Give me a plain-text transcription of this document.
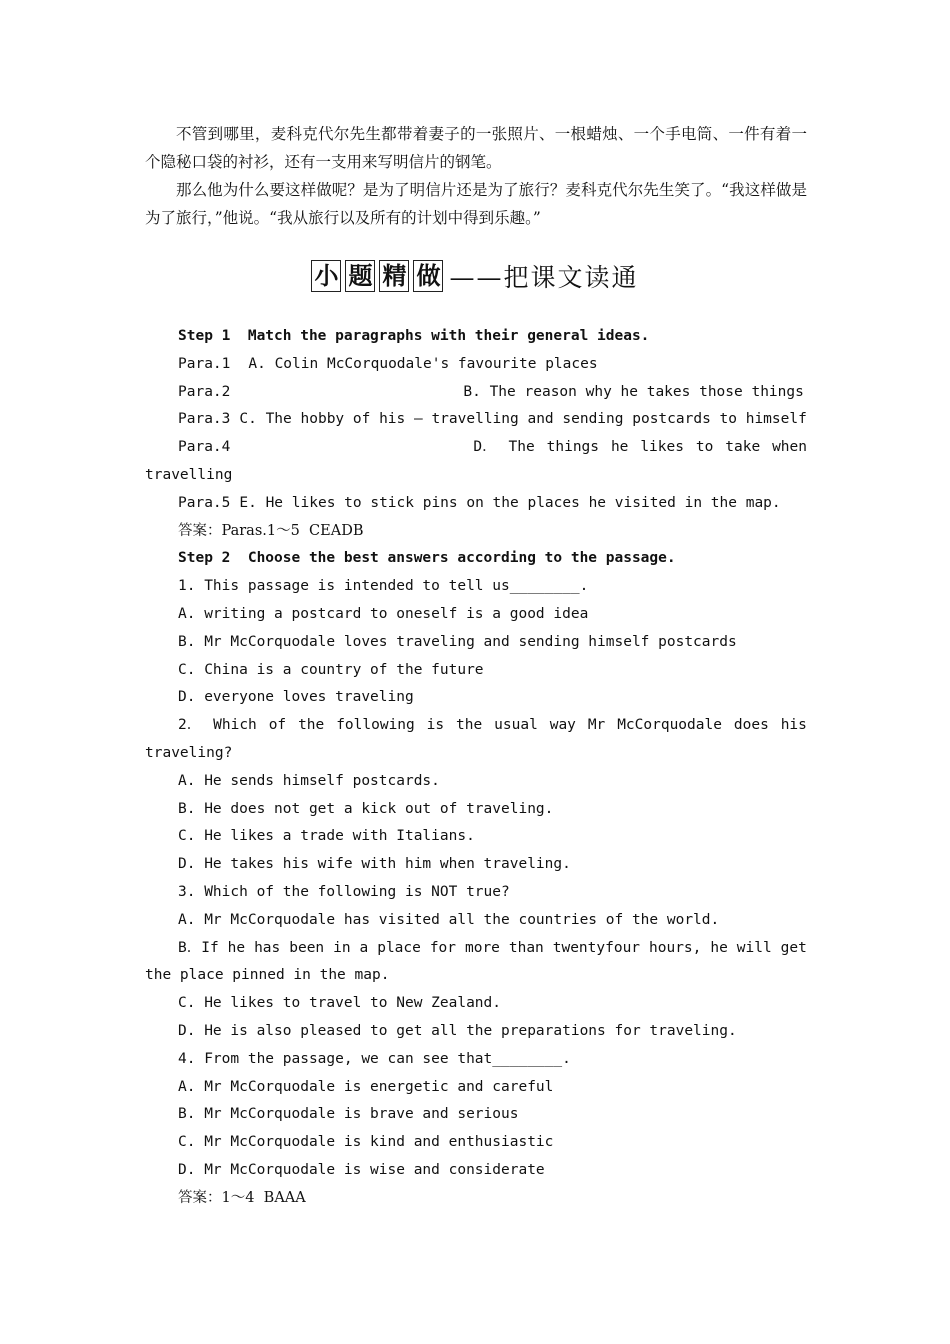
不管到哪里，麦科克代尔先生都带着妻子的一张照片、一根蜡烛、一个手电筒、一件有着一个隐秘口袋的衬衫，还有一支用来写明信片的钢笔。

那么他为什么要这样做呢？是为了明信片还是为了旅行？麦科克代尔先生笑了。“我这样做是为了旅行，”他说。“我从旅行以及所有的计划中得到乐趣。”

小 题 精 做 ——把课文读通
Step 1  Match the paragraphs with their general ideas.
Para.1 A. Colin McCorquodale's favourite places
Para.2	B. The reason why he takes those things
Para.3 C. The hobby of his — travelling and sending postcards to himself
Para.4	D． The things he likes to take when
travelling
Para.5 E. He likes to stick pins on the places he visited in the map.
答案：Paras.1～5  CEADB
Step 2  Choose the best answers according to the passage.
1. This passage is intended to tell us________.
A. writing a postcard to oneself is a good idea
B. Mr McCorquodale loves traveling and sending himself postcards
C. China is a country of the future
D. everyone loves traveling
2． Which of the following is the usual way Mr McCorquodale does his
traveling?
A. He sends himself postcards.
B. He does not get a kick out of traveling.
C. He likes a trade with Italians.
D. He takes his wife with him when traveling.
3. Which of the following is NOT true?
A. Mr McCorquodale has visited all the countries of the world.
B．If he has been in a place for more than twentyfour hours, he will get
the place pinned in the map.
C. He likes to travel to New Zealand.
D. He is also pleased to get all the preparations for traveling.
4. From the passage, we can see that________.
A. Mr McCorquodale is energetic and careful
B. Mr McCorquodale is brave and serious
C. Mr McCorquodale is kind and enthusiastic
D. Mr McCorquodale is wise and considerate
答案：1～4  BAAA
